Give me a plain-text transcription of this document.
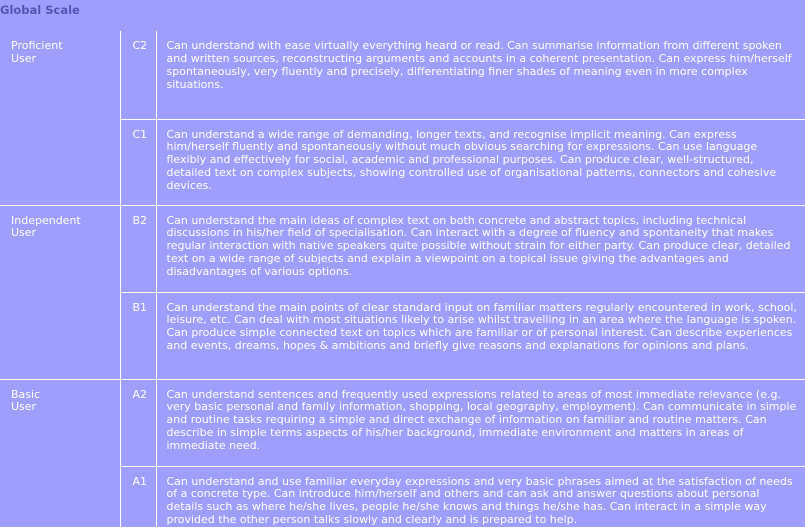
Global Scale
Proficient
User	C2	Can understand with ease virtually everything heard or read. Can summarise information from different spoken and written sources, reconstructing arguments and accounts in a coherent presentation. Can express him/herself spontaneously, very fluently and precisely, differentiating finer shades of meaning even in more complex situations.
	C1	Can understand a wide range of demanding, longer texts, and recognise implicit meaning. Can express him/herself fluently and spontaneously without much obvious searching for expressions. Can use language flexibly and effectively for social, academic and professional purposes. Can produce clear, well-structured, detailed text on complex subjects, showing controlled use of organisational patterns, connectors and cohesive devices.

Independent
User	B2	Can understand the main ideas of complex text on both concrete and abstract topics, including technical discussions in his/her field of specialisation. Can interact with a degree of fluency and spontaneity that makes regular interaction with native speakers quite possible without strain for either party. Can produce clear, detailed text on a wide range of subjects and explain a viewpoint on a topical issue giving the advantages and disadvantages of various options.
	B1	Can understand the main points of clear standard input on familiar matters regularly encountered in work, school, leisure, etc. Can deal with most situations likely to arise whilst travelling in an area where the language is spoken. Can produce simple connected text on topics which are familiar or of personal interest. Can describe experiences and events, dreams, hopes & ambitions and briefly give reasons and explanations for opinions and plans.

Basic
User	A2	Can understand sentences and frequently used expressions related to areas of most immediate relevance (e.g. very basic personal and family information, shopping, local geography, employment). Can communicate in simple and routine tasks requiring a simple and direct exchange of information on familiar and routine matters. Can describe in simple terms aspects of his/her background, immediate environment and matters in areas of immediate need.
	A1	Can understand and use familiar everyday expressions and very basic phrases aimed at the satisfaction of needs of a concrete type. Can introduce him/herself and others and can ask and answer questions about personal details such as where he/she lives, people he/she knows and things he/she has. Can interact in a simple way provided the other person talks slowly and clearly and is prepared to help.
